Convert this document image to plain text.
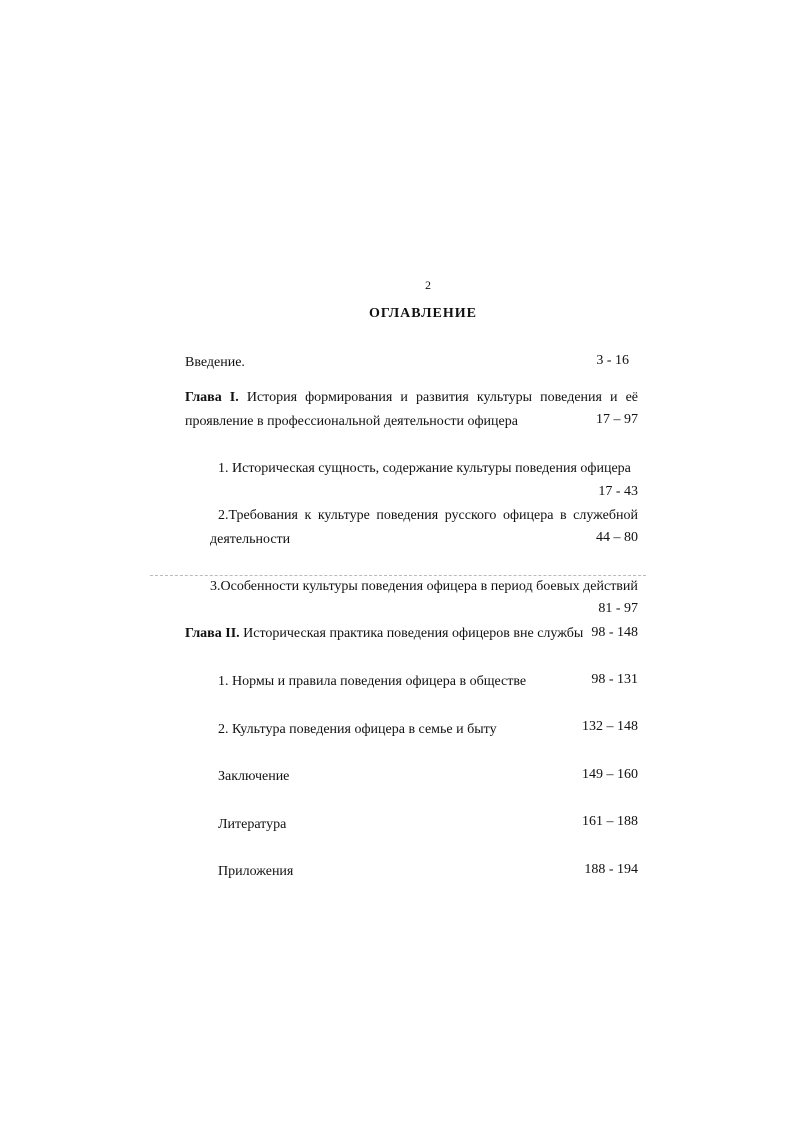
2
ОГЛАВЛЕНИЕ
Введение.	3 - 16
Глава I. История формирования и развития культуры поведения и её
проявление в профессиональной деятельности офицера	17 – 97
1. Историческая сущность, содержание культуры поведения офицера
17 - 43
2.Требования к культуре поведения русского офицера в служебной
деятельности	44 – 80
3.Особенности культуры поведения офицера в период боевых действий
81 - 97
Глава II. Историческая практика поведения офицеров вне службы 98 - 148
1. Нормы и правила поведения офицера в обществе	98 - 131
2. Культура поведения офицера в семье и быту	132 – 148
Заключение	149 – 160
Литература	161 – 188
Приложения	188 - 194
